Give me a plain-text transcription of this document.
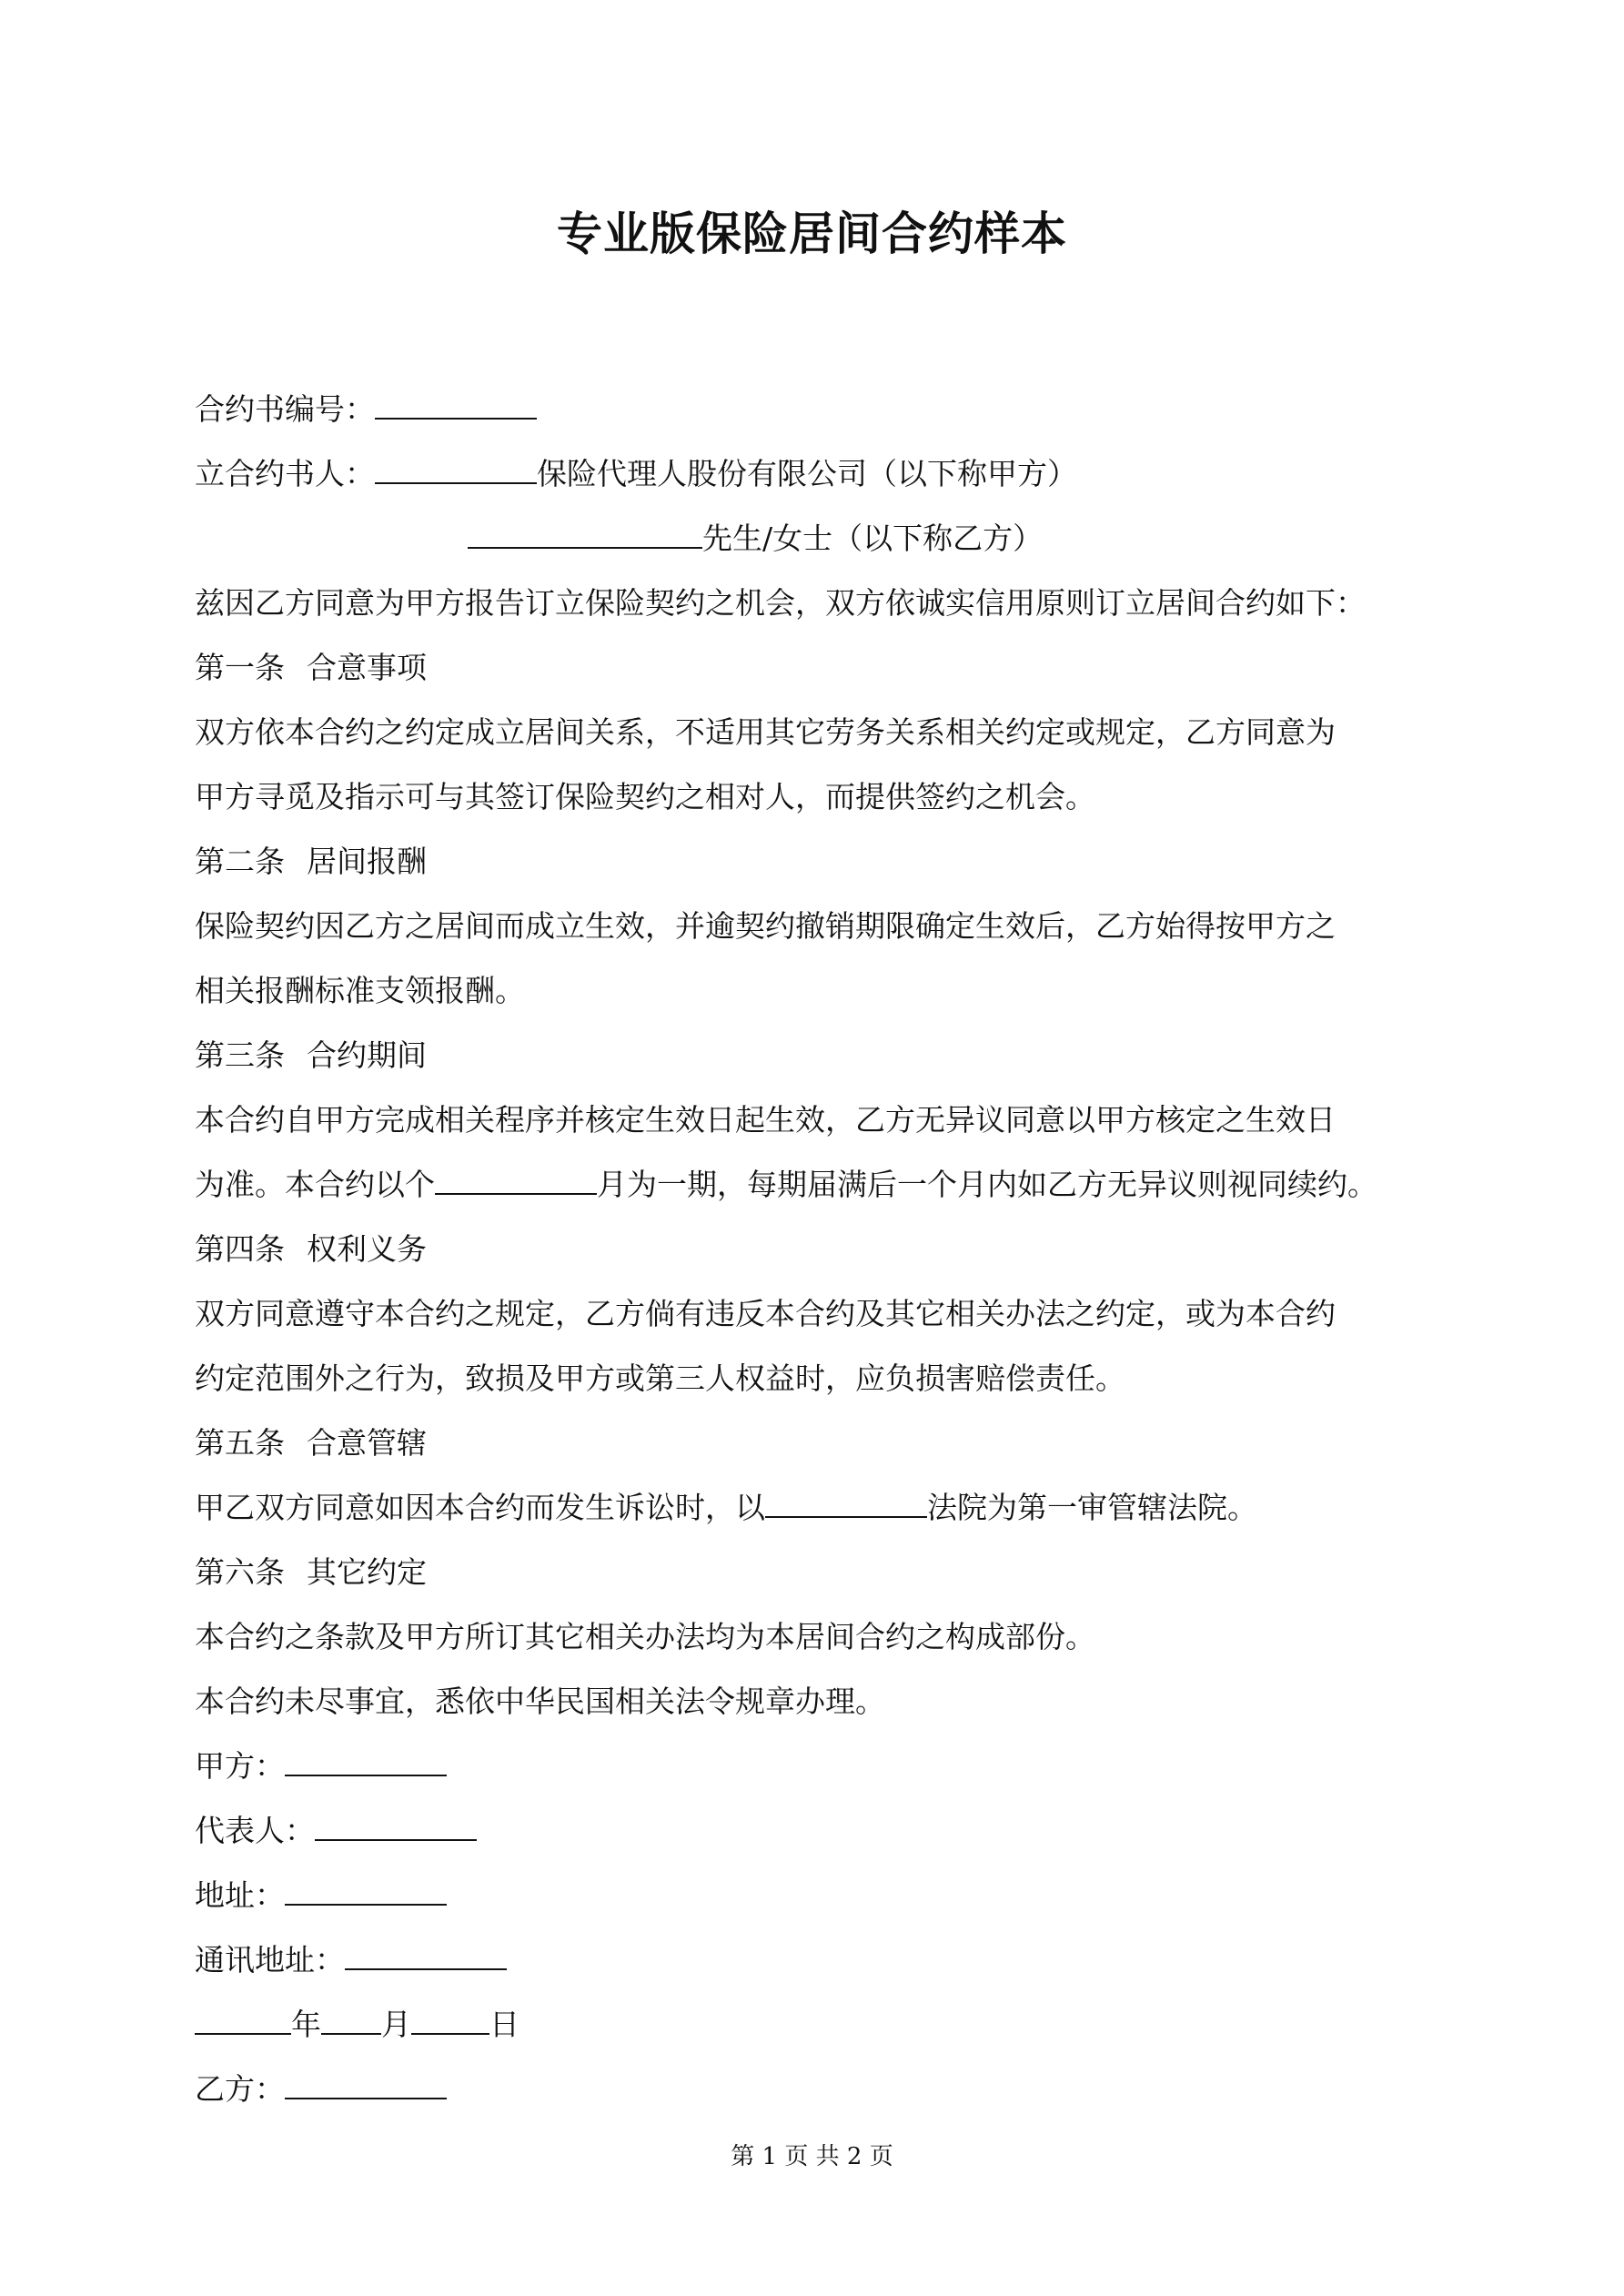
专业版保险居间合约样本
合约书编号：
立合约书人：	保险代理人股份有限公司（以下称甲方）
先生/女士（以下称乙方）
兹因乙方同意为甲方报告订立保险契约之机会，双方依诚实信用原则订立居间合约如下：
第一条 合意事项
双方依本合约之约定成立居间关系，不适用其它劳务关系相关约定或规定，乙方同意为
甲方寻觅及指示可与其签订保险契约之相对人，而提供签约之机会。
第二条 居间报酬
保险契约因乙方之居间而成立生效，并逾契约撤销期限确定生效后，乙方始得按甲方之
相关报酬标准支领报酬。
第三条 合约期间
本合约自甲方完成相关程序并核定生效日起生效，乙方无异议同意以甲方核定之生效日
为准。本合约以个	月为一期，每期届满后一个月内如乙方无异议则视同续约。
第四条 权利义务
双方同意遵守本合约之规定，乙方倘有违反本合约及其它相关办法之约定，或为本合约
约定范围外之行为，致损及甲方或第三人权益时，应负损害赔偿责任。
第五条 合意管辖
甲乙双方同意如因本合约而发生诉讼时，以	法院为第一审管辖法院。
第六条 其它约定
本合约之条款及甲方所订其它相关办法均为本居间合约之构成部份。
本合约未尽事宜，悉依中华民国相关法令规章办理。
甲方：
代表人：
地址：
通讯地址：
年 月	日
乙方：
第 1 页 共 2 页
